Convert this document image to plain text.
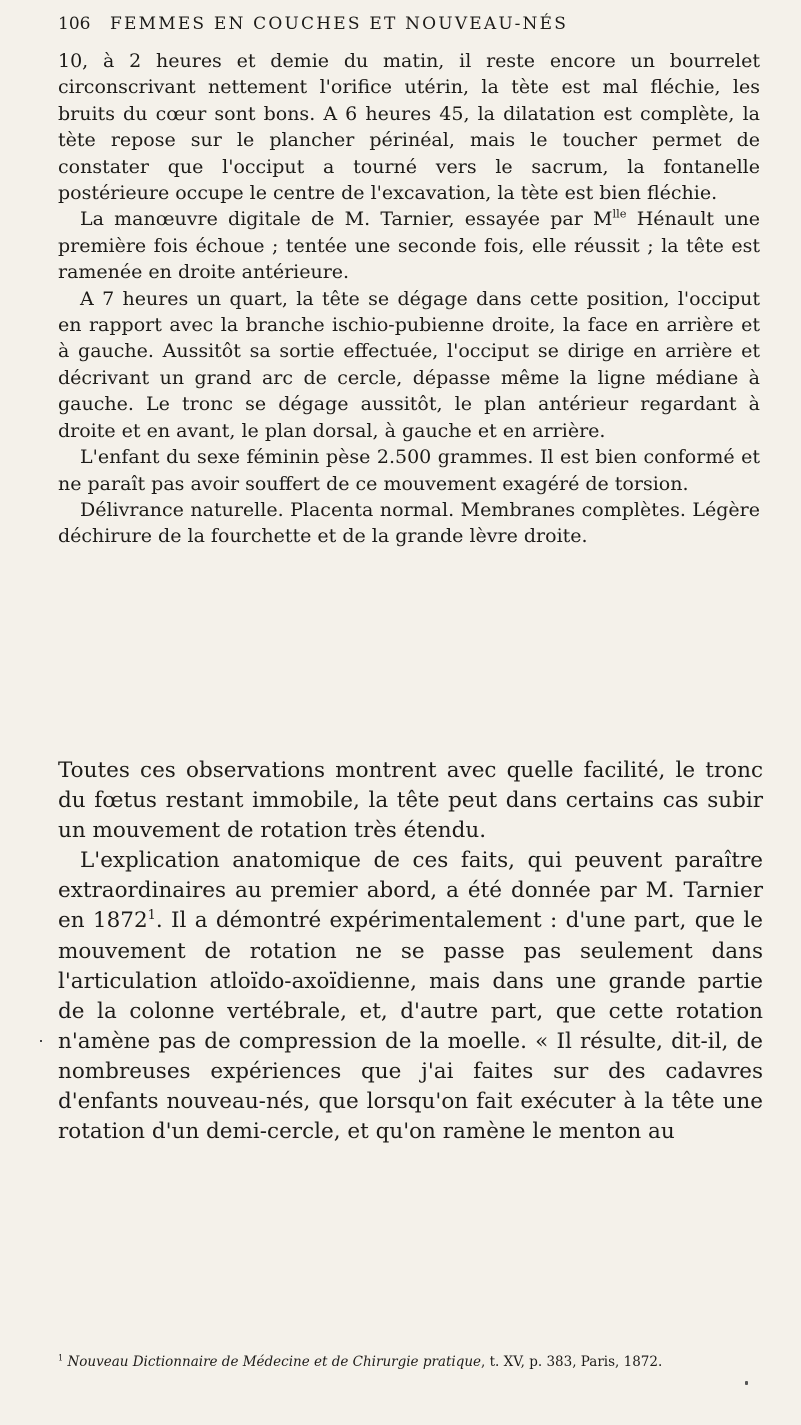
106 FEMMES EN COUCHES ET NOUVEAU-NÉS

10, à 2 heures et demie du matin, il reste encore un bourrelet circonscrivant nettement l'orifice utérin, la tète est mal fléchie, les bruits du cœur sont bons. A 6 heures 45, la dilatation est complète, la tète repose sur le plancher périnéal, mais le toucher permet de constater que l'occiput a tourné vers le sacrum, la fontanelle postérieure occupe le centre de l'excavation, la tète est bien fléchie.

La manœuvre digitale de M. Tarnier, essayée par $M^{lle}$ Hénault une première fois échoue ; tentée une seconde fois, elle réussit ; la tête est ramenée en droite antérieure.

A 7 heures un quart, la tête se dégage dans cette position, l'occiput en rapport avec la branche ischio-pubienne droite, la face en arrière et à gauche. Aussitôt sa sortie effectuée, l'occiput se dirige en arrière et décrivant un grand arc de cercle, dépasse même la ligne médiane à gauche. Le tronc se dégage aussitôt, le plan antérieur regardant à droite et en avant, le plan dorsal, à gauche et en arrière.

L'enfant du sexe féminin pèse 2.500 grammes. Il est bien conformé et ne paraît pas avoir souffert de ce mouvement exagéré de torsion.

Délivrance naturelle. Placenta normal. Membranes complètes. Légère déchirure de la fourchette et de la grande lèvre droite.

Toutes ces observations montrent avec quelle facilité, le tronc du fœtus restant immobile, la tête peut dans certains cas subir un mouvement de rotation très étendu.

L'explication anatomique de ces faits, qui peuvent paraître extraordinaires au premier abord, a été donnée par M. Tarnier en 1872$^1$. Il a démontré expérimentalement : d'une part, que le mouvement de rotation ne se passe pas seulement dans l'articulation atloïdo-axoïdienne, mais dans une grande partie de la colonne vertébrale, et, d'autre part, que cette rotation n'amène pas de compression de la moelle. « Il résulte, dit-il, de nombreuses expériences que j'ai faites sur des cadavres d'enfants nouveau-nés, que lorsqu'on fait exécuter à la tête une rotation d'un demi-cercle, et qu'on ramène le menton au

$^1$ Nouveau Dictionnaire de Médecine et de Chirurgie pratique, t. XV, p. 383, Paris, 1872.
